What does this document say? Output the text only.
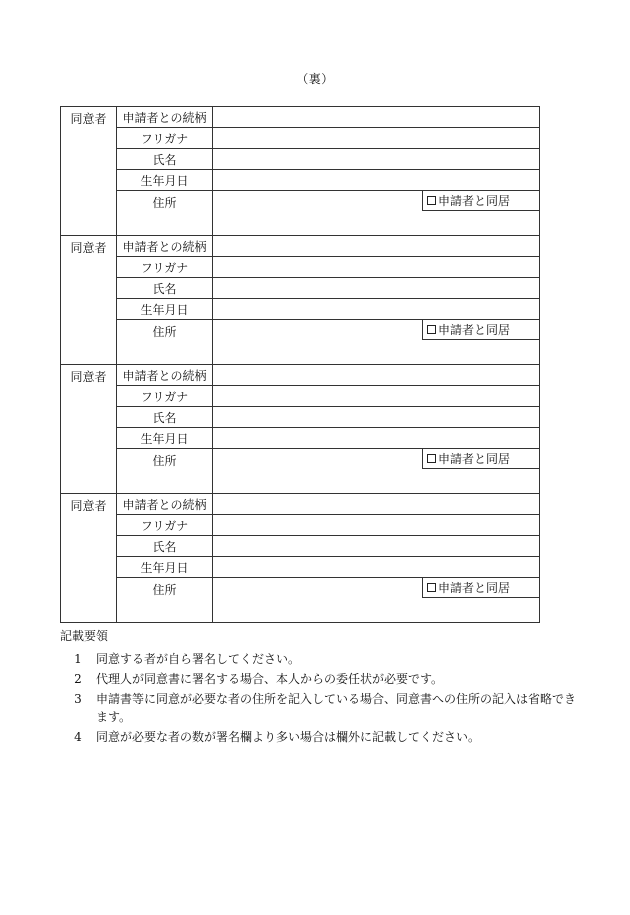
（裏）
同意者	申請者との続柄	
	フリガナ	
	氏名	
	生年月日	
	住所	申請者と同居

同意者	申請者との続柄	
	フリガナ	
	氏名	
	生年月日	
	住所	申請者と同居

同意者	申請者との続柄	
	フリガナ	
	氏名	
	生年月日	
	住所	申請者と同居

同意者	申請者との続柄	
	フリガナ	
	氏名	
	生年月日	
	住所	申請者と同居
記載要領
1	同意する者が自ら署名してください。
2	代理人が同意書に署名する場合、本人からの委任状が必要です。
3	申請書等に同意が必要な者の住所を記入している場合、同意書への住所の記入は省略できます。
4	同意が必要な者の数が署名欄より多い場合は欄外に記載してください。
